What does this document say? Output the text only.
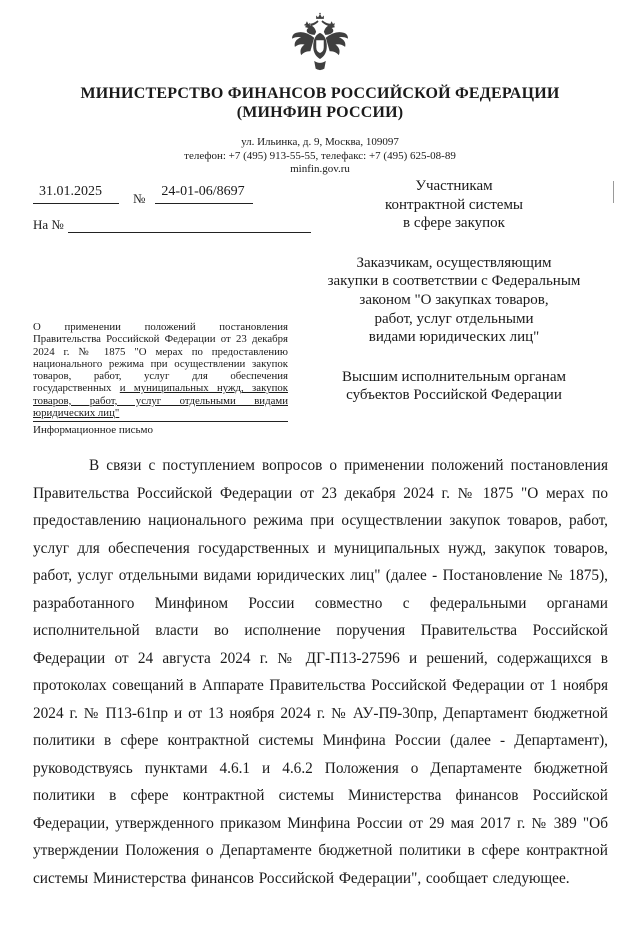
МИНИСТЕРСТВО ФИНАНСОВ РОССИЙСКОЙ ФЕДЕРАЦИИ
(МИНФИН РОССИИ)
ул. Ильинка, д. 9, Москва, 109097
телефон: +7 (495) 913-55-55, телефакс: +7 (495) 625-08-89
minfin.gov.ru
31.01.2025	№	24-01-06/8697
На №
Участникам
контрактной системы
в сфере закупок
Заказчикам, осуществляющим
закупки в соответствии с Федеральным
законом "О закупках товаров,
работ, услуг отдельными
видами юридических лиц"
Высшим исполнительным органам
субъектов Российской Федерации
О применении положений постановления Правительства Российской Федерации от 23 декабря 2024 г. № 1875 "О мерах по предоставлению национального режима при осуществлении закупок товаров, работ, услуг для обеспечения государственных и муниципальных нужд, закупок товаров, работ, услуг отдельными видами юридических лиц"
Информационное письмо
В связи с поступлением вопросов о применении положений постановления Правительства Российской Федерации от 23 декабря 2024 г. № 1875 "О мерах по предоставлению национального режима при осуществлении закупок товаров, работ, услуг для обеспечения государственных и муниципальных нужд, закупок товаров, работ, услуг отдельными видами юридических лиц" (далее - Постановление № 1875), разработанного Минфином России совместно с федеральными органами исполнительной власти во исполнение поручения Правительства Российской Федерации от 24 августа 2024 г. № ДГ-П13-27596 и решений, содержащихся в протоколах совещаний в Аппарате Правительства Российской Федерации от 1 ноября 2024 г. № П13-61пр и от 13 ноября 2024 г. № АУ-П9-30пр, Департамент бюджетной политики в сфере контрактной системы Минфина России (далее - Департамент), руководствуясь пунктами 4.6.1 и 4.6.2 Положения о Департаменте бюджетной политики в сфере контрактной системы Министерства финансов Российской Федерации, утвержденного приказом Минфина России от 29 мая 2017 г. № 389 "Об утверждении Положения о Департаменте бюджетной политики в сфере контрактной системы Министерства финансов Российской Федерации", сообщает следующее.
